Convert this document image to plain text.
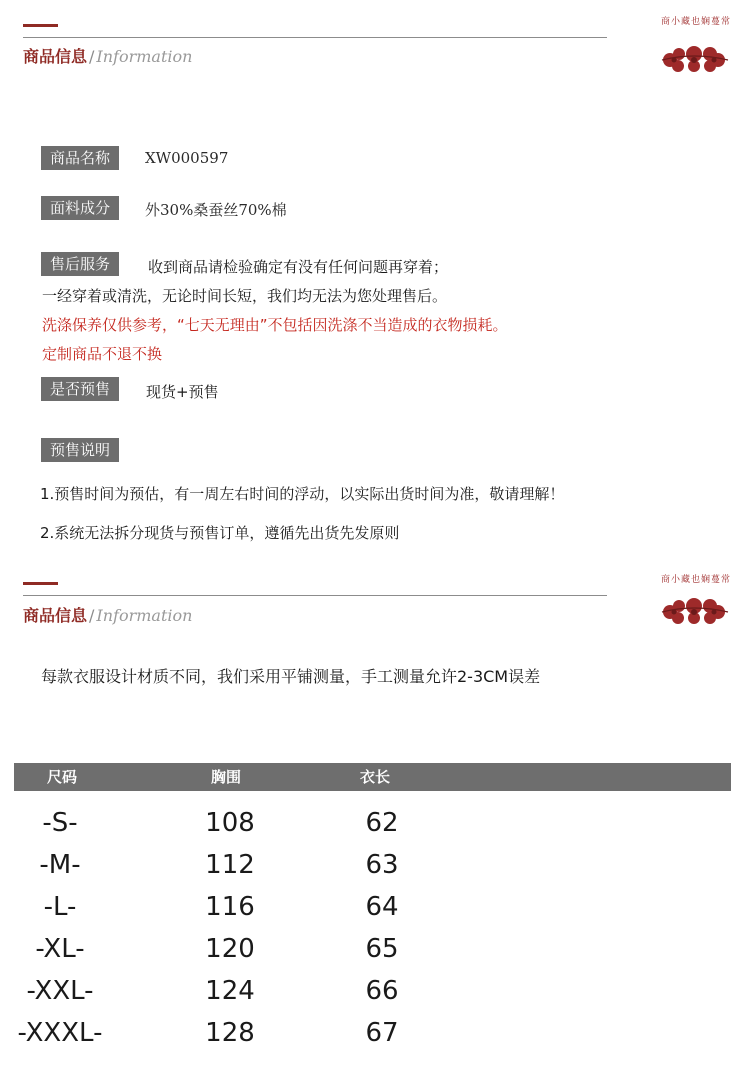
商品信息 / Information
商小藏也娴蔓常
商品名称	XW000597
面料成分	外30%桑蚕丝70%棉
售后服务	收到商品请检验确定有没有任何问题再穿着；
一经穿着或清洗，无论时间长短，我们均无法为您处理售后。
洗涤保养仅供参考，“七天无理由”不包括因洗涤不当造成的衣物损耗。
定制商品不退不换
是否预售	现货+预售
预售说明
1.预售时间为预估，有一周左右时间的浮动，以实际出货时间为准，敬请理解！
2.系统无法拆分现货与预售订单，遵循先出货先发原则
商品信息 / Information
商小藏也娴蔓常
每款衣服设计材质不同，我们采用平铺测量，手工测量允许2-3CM误差
尺码	胸围	衣长
-S-	108	62
-M-	112	63
-L-	116	64
-XL-	120	65
-XXL-	124	66
-XXXL-	128	67
